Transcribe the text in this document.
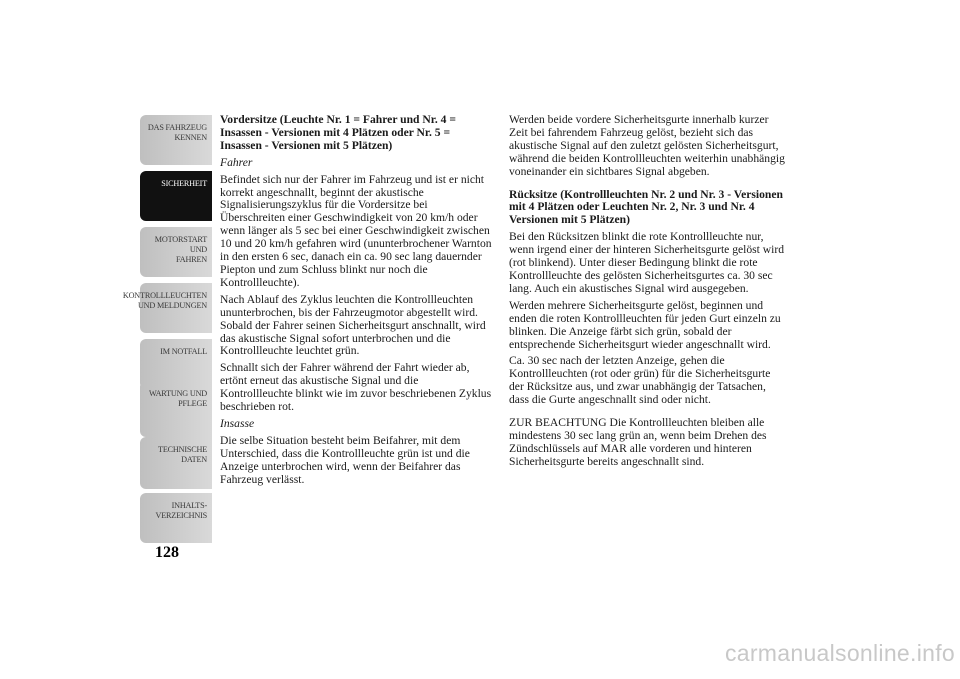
DAS FAHRZEUG
KENNEN
SICHERHEIT
MOTORSTART UND
FAHREN
KONTROLLLEUCHTEN
UND MELDUNGEN
IM NOTFALL
WARTUNG UND
PFLEGE
TECHNISCHE
DATEN
INHALTS-
VERZEICHNIS
128

Vordersitze (Leuchte Nr. 1 = Fahrer und Nr. 4 = Insassen - Versionen mit 4 Plätzen oder Nr. 5 = Insassen - Versionen mit 5 Plätzen)

Fahrer

Befindet sich nur der Fahrer im Fahrzeug und ist er nicht korrekt angeschnallt, beginnt der akustische Signalisierungszyklus für die Vordersitze bei Überschreiten einer Geschwindigkeit von 20 km/h oder wenn länger als 5 sec bei einer Geschwindigkeit zwischen 10 und 20 km/h gefahren wird (ununterbrochener Warnton in den ersten 6 sec, danach ein ca. 90 sec lang dauernder Piepton und zum Schluss blinkt nur noch die Kontrollleuchte).

Nach Ablauf des Zyklus leuchten die Kontrollleuchten ununterbrochen, bis der Fahrzeugmotor abgestellt wird. Sobald der Fahrer seinen Sicherheitsgurt anschnallt, wird das akustische Signal sofort unterbrochen und die Kontrollleuchte leuchtet grün.

Schnallt sich der Fahrer während der Fahrt wieder ab, ertönt erneut das akustische Signal und die Kontrollleuchte blinkt wie im zuvor beschriebenen Zyklus beschrieben rot.

Insasse

Die selbe Situation besteht beim Beifahrer, mit dem Unterschied, dass die Kontrollleuchte grün ist und die Anzeige unterbrochen wird, wenn der Beifahrer das Fahrzeug verlässt.

Werden beide vordere Sicherheitsgurte innerhalb kurzer Zeit bei fahrendem Fahrzeug gelöst, bezieht sich das akustische Signal auf den zuletzt gelösten Sicherheitsgurt, während die beiden Kontrollleuchten weiterhin unabhängig voneinander ein sichtbares Signal abgeben.

Rücksitze (Kontrollleuchten Nr. 2 und Nr. 3 - Versionen mit 4 Plätzen oder Leuchten Nr. 2, Nr. 3 und Nr. 4 Versionen mit 5 Plätzen)

Bei den Rücksitzen blinkt die rote Kontrollleuchte nur, wenn irgend einer der hinteren Sicherheitsgurte gelöst wird (rot blinkend). Unter dieser Bedingung blinkt die rote Kontrollleuchte des gelösten Sicherheitsgurtes ca. 30 sec lang. Auch ein akustisches Signal wird ausgegeben.

Werden mehrere Sicherheitsgurte gelöst, beginnen und enden die roten Kontrollleuchten für jeden Gurt einzeln zu blinken. Die Anzeige färbt sich grün, sobald der entsprechende Sicherheitsgurt wieder angeschnallt wird.

Ca. 30 sec nach der letzten Anzeige, gehen die Kontrollleuchten (rot oder grün) für die Sicherheitsgurte der Rücksitze aus, und zwar unabhängig der Tatsachen, dass die Gurte angeschnallt sind oder nicht.

ZUR BEACHTUNG Die Kontrollleuchten bleiben alle mindestens 30 sec lang grün an, wenn beim Drehen des Zündschlüssels auf MAR alle vorderen und hinteren Sicherheitsgurte bereits angeschnallt sind.

carmanualsonline.info
